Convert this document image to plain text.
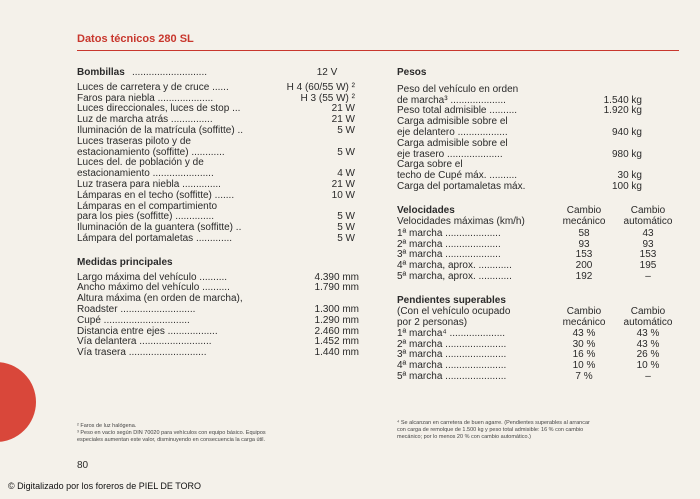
Datos técnicos 280 SL
Bombillas ...........................	12 V
Luces de carretera y de cruce ......	H 4 (60/55 W) ²
Faros para niebla ....................	H 3 (55 W) ²
Luces direccionales, luces de stop ...	21 W
Luz de marcha atrás ...............	21 W
Iluminación de la matrícula (soffitte) ..	5 W
Luces traseras piloto y de
estacionamiento (soffitte) ............	5 W
Luces del. de población y de
estacionamiento ......................	4 W
Luz trasera para niebla ..............	21 W
Lámparas en el techo (soffitte) .......	10 W
Lámparas en el compartimiento
para los pies (soffitte) ..............	5 W
Iluminación de la guantera (soffitte) ..	5 W
Lámpara del portamaletas .............	5 W
Medidas principales
Largo máxima del vehículo ..........	4.390 mm
Ancho máximo del vehículo ..........	1.790 mm
Altura máxima (en orden de marcha),
Roadster ...........................	1.300 mm
Cupé ...............................	1.290 mm
Distancia entre ejes ..................	2.460 mm
Vía delantera ..........................	1.452 mm
Vía trasera ............................	1.440 mm
² Faros de luz halógena.
³ Peso en vacío según DIN 70020 para vehículos con equipo básico. Equipos
especiales aumentan este valor, disminuyendo en consecuencia la carga útil.
80
Pesos
Peso del vehículo en orden
de marcha³ ....................	1.540 kg
Peso total admisible ..........	1.920 kg
Carga admisible sobre el
eje delantero ..................	940 kg
Carga admisible sobre el
eje trasero ....................	980 kg
Carga sobre el
techo de Cupé máx. ..........	30 kg
Carga del portamaletas máx.	100 kg
Velocidades	Cambio	Cambio
mecánico	automático
Velocidades máximas (km/h)
1ª marcha ....................	58	43
2ª marcha ....................	93	93
3ª marcha ....................	153	153
4ª marcha, aprox. ............	200	195
5ª marcha, aprox. ............	192	–
Pendientes superables
(Con el vehículo ocupado
por 2 personas)
Cambio	Cambio
mecánico	automático
1ª marcha⁴ ....................	43 %	43 %
2ª marcha ......................	30 %	43 %
3ª marcha ......................	16 %	26 %
4ª marcha ......................	10 %	10 %
5ª marcha ......................	7 %	–
⁴ Se alcanzan en carretera de buen agarre. (Pendientes superables al arrancar
con carga de remolque de 1.500 kg y peso total admisible: 16 % con cambio
mecánico; por lo menos 20 % con cambio automático.)
© Digitalizado por los foreros de PIEL DE TORO
